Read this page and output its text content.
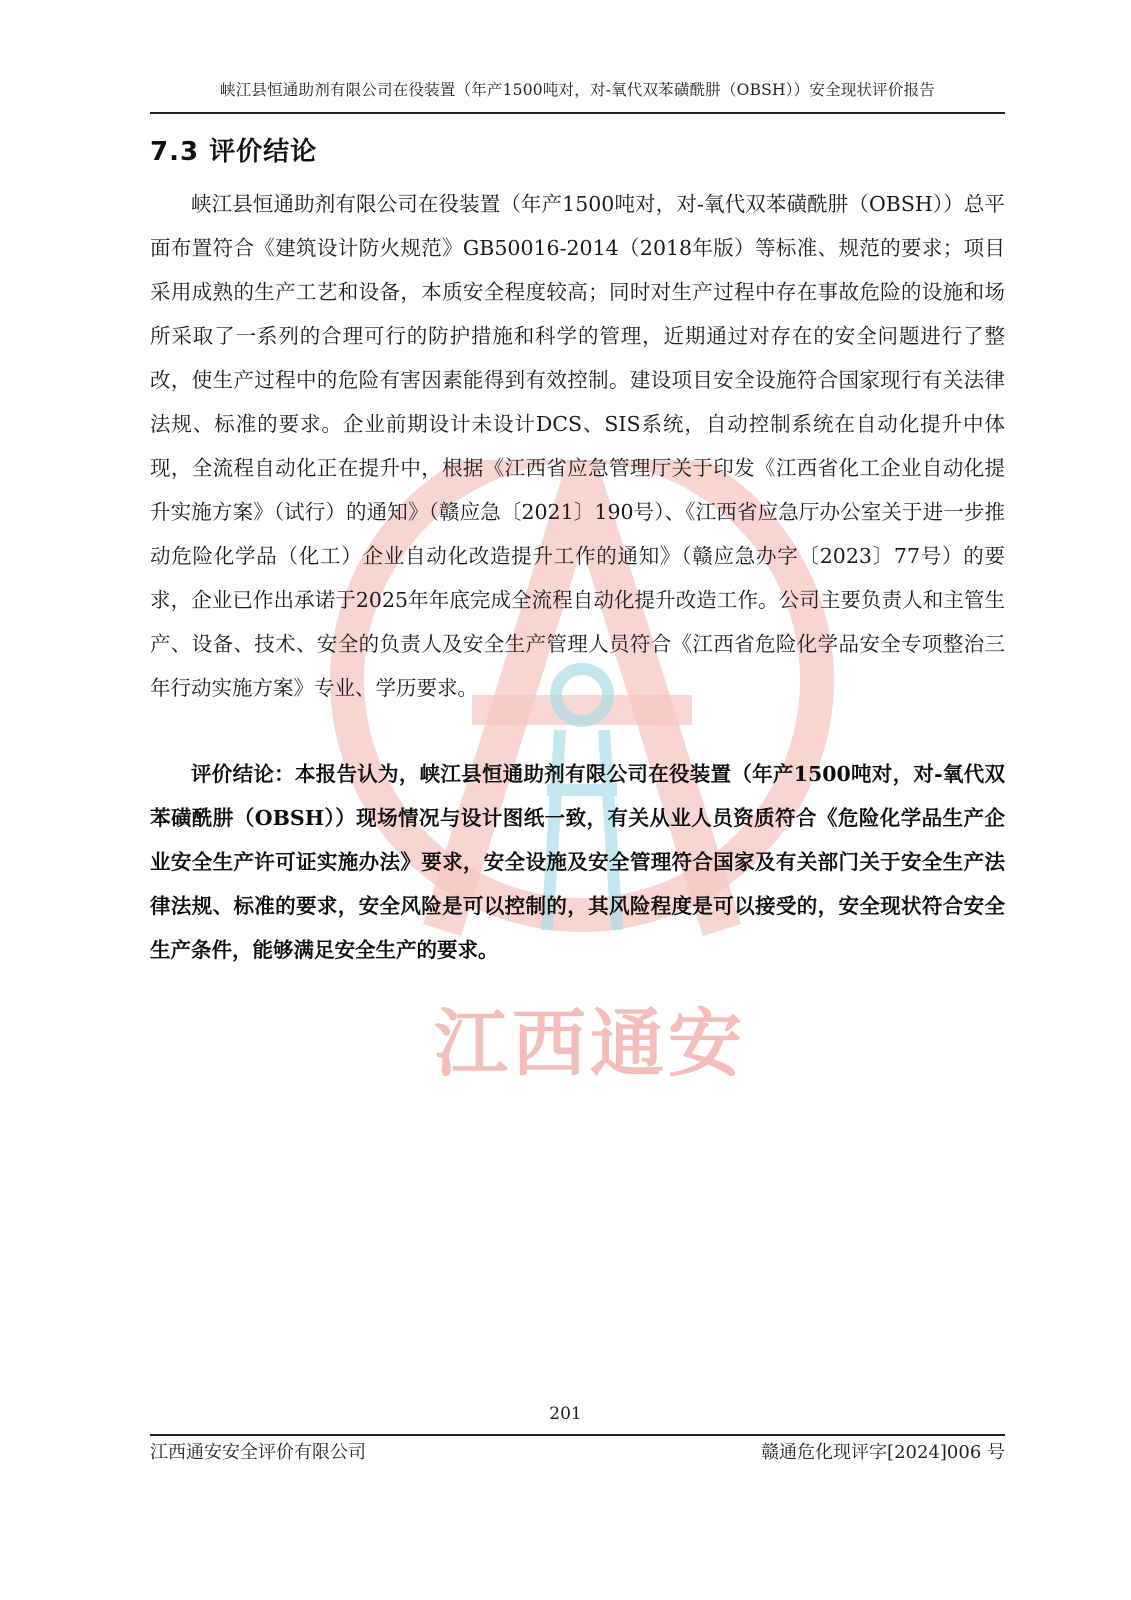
峡江县恒通助剂有限公司在役装置（年产1500吨对，对-氧代双苯磺酰肼（OBSH））安全现状评价报告
江西通安
7.3 评价结论

峡江县恒通助剂有限公司在役装置（年产1500吨对，对-氧代双苯磺酰肼（OBSH））总平面布置符合《建筑设计防火规范》GB50016-2014（2018年版）等标准、规范的要求；项目采用成熟的生产工艺和设备，本质安全程度较高；同时对生产过程中存在事故危险的设施和场所采取了一系列的合理可行的防护措施和科学的管理，近期通过对存在的安全问题进行了整改，使生产过程中的危险有害因素能得到有效控制。建设项目安全设施符合国家现行有关法律法规、标准的要求。企业前期设计未设计DCS、SIS系统，自动控制系统在自动化提升中体现，全流程自动化正在提升中，根据《江西省应急管理厅关于印发《江西省化工企业自动化提升实施方案》（试行）的通知》（赣应急〔2021〕190号）、《江西省应急厅办公室关于进一步推动危险化学品（化工）企业自动化改造提升工作的通知》（赣应急办字〔2023〕77号）的要求，企业已作出承诺于2025年年底完成全流程自动化提升改造工作。公司主要负责人和主管生产、设备、技术、安全的负责人及安全生产管理人员符合《江西省危险化学品安全专项整治三年行动实施方案》专业、学历要求。

评价结论：本报告认为，峡江县恒通助剂有限公司在役装置（年产1500吨对，对-氧代双苯磺酰肼（OBSH））现场情况与设计图纸一致，有关从业人员资质符合《危险化学品生产企业安全生产许可证实施办法》要求，安全设施及安全管理符合国家及有关部门关于安全生产法律法规、标准的要求，安全风险是可以控制的，其风险程度是可以接受的，安全现状符合安全生产条件，能够满足安全生产的要求。

201
江西通安安全评价有限公司	赣通危化现评字[2024]006 号
